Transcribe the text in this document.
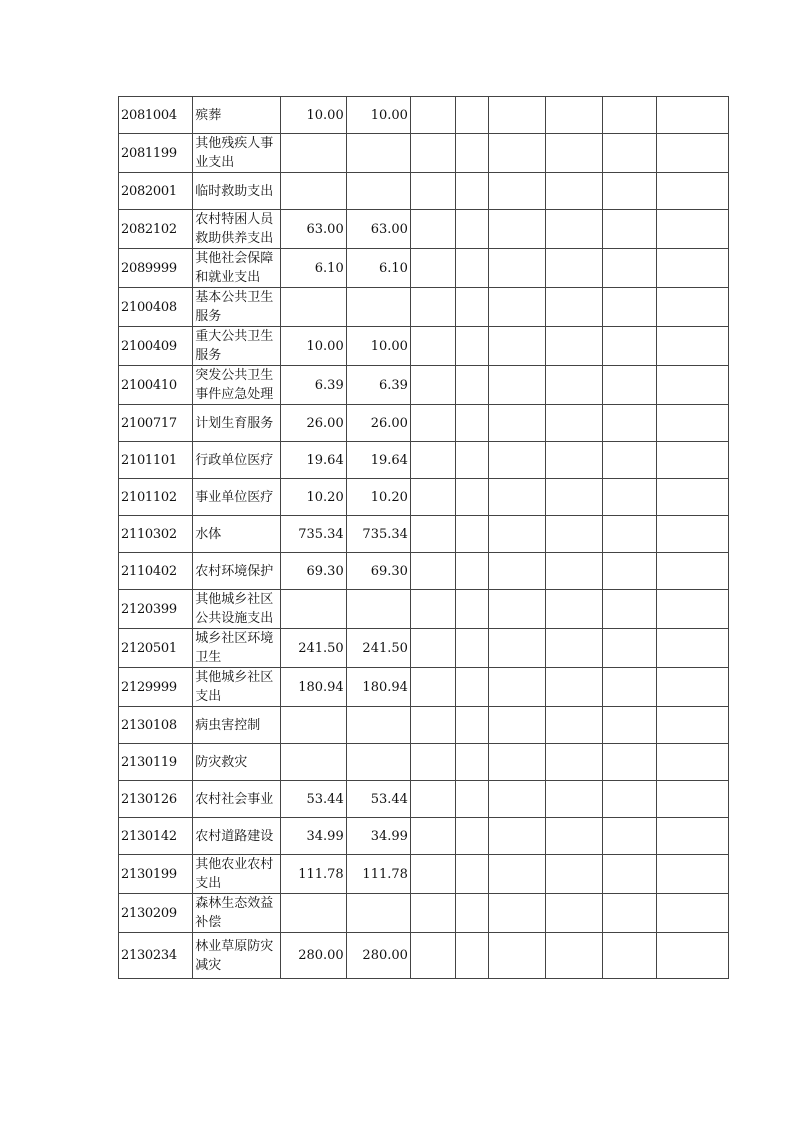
2081004	殡葬	10.00	10.00						
2081199	其他残疾人事业支出								
2082001	临时救助支出								
2082102	农村特困人员救助供养支出	63.00	63.00						
2089999	其他社会保障和就业支出	6.10	6.10						
2100408	基本公共卫生服务								
2100409	重大公共卫生服务	10.00	10.00						
2100410	突发公共卫生事件应急处理	6.39	6.39						
2100717	计划生育服务	26.00	26.00						
2101101	行政单位医疗	19.64	19.64						
2101102	事业单位医疗	10.20	10.20						
2110302	水体	735.34	735.34						
2110402	农村环境保护	69.30	69.30						
2120399	其他城乡社区公共设施支出								
2120501	城乡社区环境卫生	241.50	241.50						
2129999	其他城乡社区支出	180.94	180.94						
2130108	病虫害控制								
2130119	防灾救灾								
2130126	农村社会事业	53.44	53.44						
2130142	农村道路建设	34.99	34.99						
2130199	其他农业农村支出	111.78	111.78						
2130209	森林生态效益补偿								
2130234	林业草原防灾减灾	280.00	280.00						
